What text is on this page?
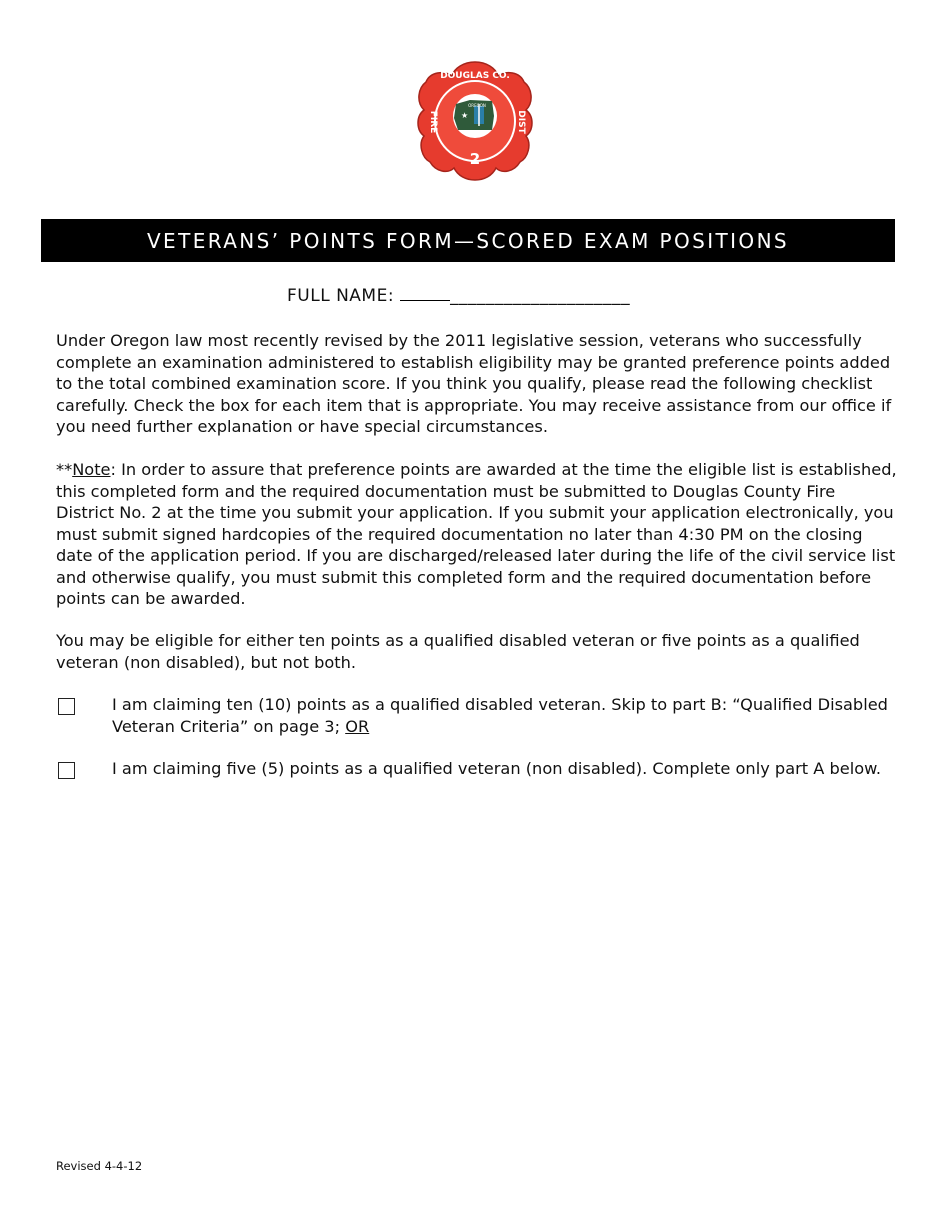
★
OREGON
DOUGLAS CO.
FIRE	DIST
2
VETERANS’ POINTS FORM—SCORED EXAM POSITIONS
FULL NAME:	____________________

Under Oregon law most recently revised by the 2011 legislative session, veterans who successfully complete an examination administered to establish eligibility may be granted preference points added to the total combined examination score. If you think you qualify, please read the following checklist carefully. Check the box for each item that is appropriate. You may receive assistance from our office if you need further explanation or have special circumstances.

**Note: In order to assure that preference points are awarded at the time the eligible list is established, this completed form and the required documentation must be submitted to Douglas County Fire District No. 2 at the time you submit your application. If you submit your application electronically, you must submit signed hardcopies of the required documentation no later than 4:30 PM on the closing date of the application period. If you are discharged/released later during the life of the civil service list and otherwise qualify, you must submit this completed form and the required documentation before points can be awarded.

You may be eligible for either ten points as a qualified disabled veteran or five points as a qualified veteran (non disabled), but not both.

I am claiming ten (10) points as a qualified disabled veteran. Skip to part B: “Qualified Disabled Veteran Criteria” on page 3; OR
I am claiming five (5) points as a qualified veteran (non disabled). Complete only part A below.
Revised 4-4-12
